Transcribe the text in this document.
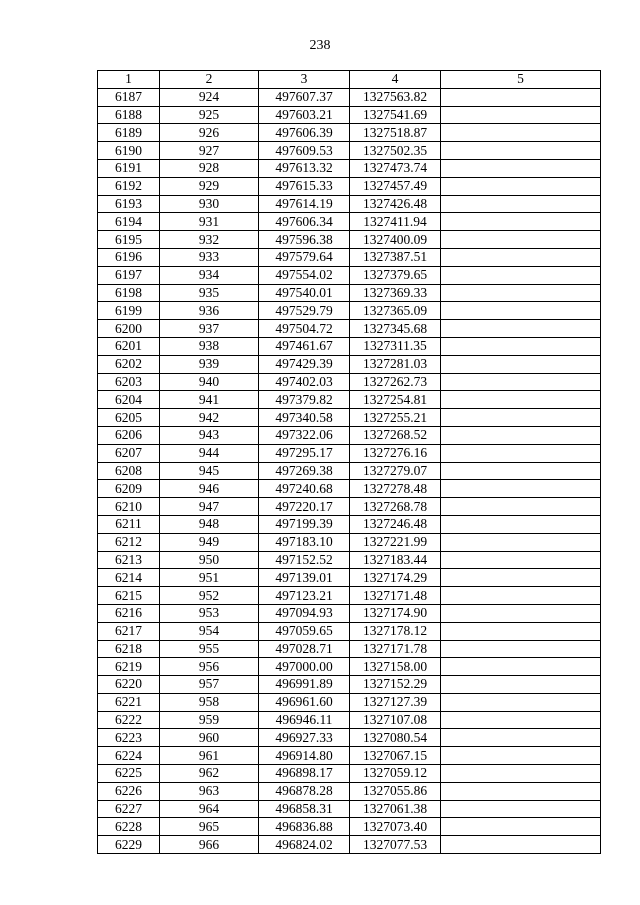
238
1	2	3	4	5
6187	924	497607.37	1327563.82	
6188	925	497603.21	1327541.69	
6189	926	497606.39	1327518.87	
6190	927	497609.53	1327502.35	
6191	928	497613.32	1327473.74	
6192	929	497615.33	1327457.49	
6193	930	497614.19	1327426.48	
6194	931	497606.34	1327411.94	
6195	932	497596.38	1327400.09	
6196	933	497579.64	1327387.51	
6197	934	497554.02	1327379.65	
6198	935	497540.01	1327369.33	
6199	936	497529.79	1327365.09	
6200	937	497504.72	1327345.68	
6201	938	497461.67	1327311.35	
6202	939	497429.39	1327281.03	
6203	940	497402.03	1327262.73	
6204	941	497379.82	1327254.81	
6205	942	497340.58	1327255.21	
6206	943	497322.06	1327268.52	
6207	944	497295.17	1327276.16	
6208	945	497269.38	1327279.07	
6209	946	497240.68	1327278.48	
6210	947	497220.17	1327268.78	
6211	948	497199.39	1327246.48	
6212	949	497183.10	1327221.99	
6213	950	497152.52	1327183.44	
6214	951	497139.01	1327174.29	
6215	952	497123.21	1327171.48	
6216	953	497094.93	1327174.90	
6217	954	497059.65	1327178.12	
6218	955	497028.71	1327171.78	
6219	956	497000.00	1327158.00	
6220	957	496991.89	1327152.29	
6221	958	496961.60	1327127.39	
6222	959	496946.11	1327107.08	
6223	960	496927.33	1327080.54	
6224	961	496914.80	1327067.15	
6225	962	496898.17	1327059.12	
6226	963	496878.28	1327055.86	
6227	964	496858.31	1327061.38	
6228	965	496836.88	1327073.40	
6229	966	496824.02	1327077.53	
